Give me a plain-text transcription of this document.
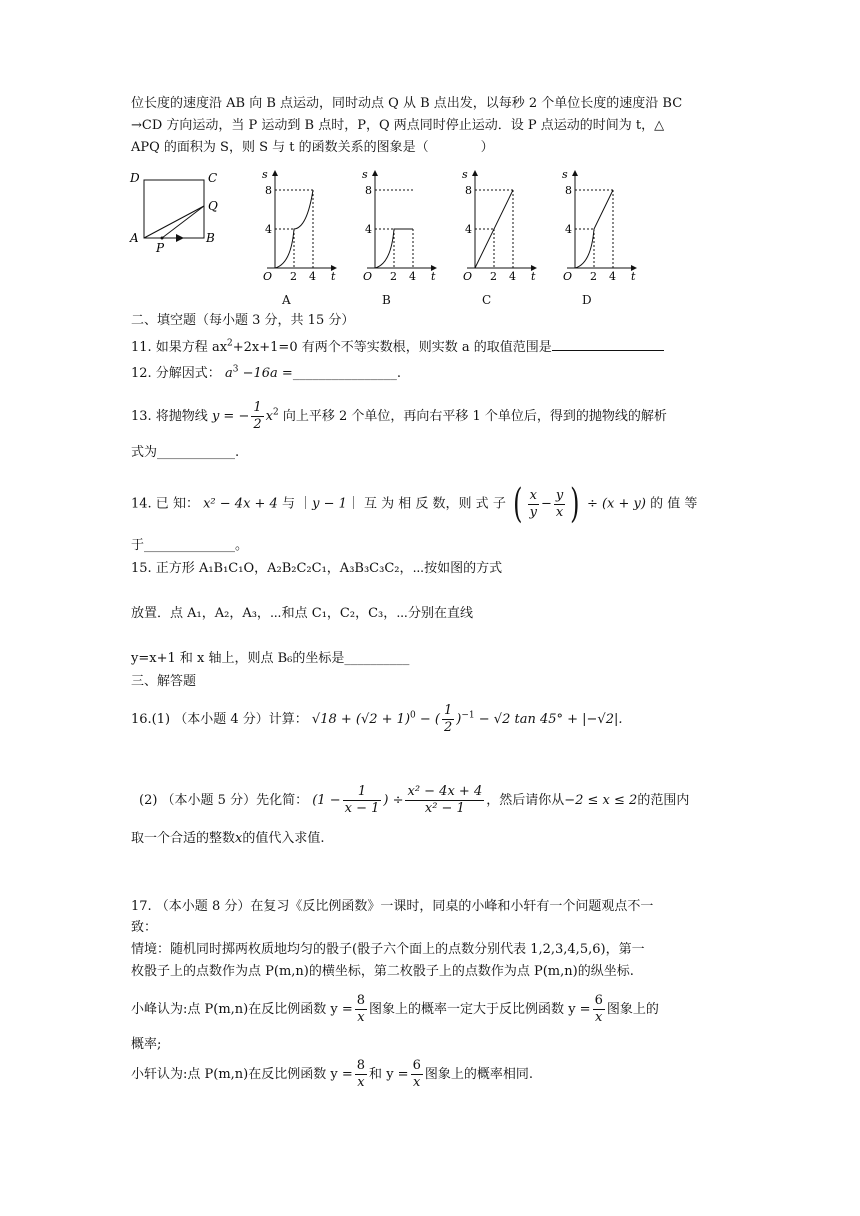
位长度的速度沿 AB 向 B 点运动，同时动点 Q 从 B 点出发，以每秒 2 个单位长度的速度沿 BC
→CD 方向运动，当 P 运动到 B 点时，P，Q 两点同时停止运动．设 P 点运动的时间为 t，△
APQ 的面积为 S，则 S 与 t 的函数关系的图象是（　　　　）
D	C
Q
A
P
B
s
8
4
O 2 4 t
A
s
8
4
O 2 4 t
B
s
8
4
O 2 4 t
C
s
8
4
O 2 4 t
D
二、填空题（每小题 3 分，共 15 分）
11. 如果方程 $ax^2+2x+1=0$ 有两个不等实数根，则实数 a 的取值范围是
12. 分解因式： $a^3 -16a$ =________________.
13. 将抛物线 y = − $\frac{1}{2} x^2$ 向上平移 2 个单位，再向右平移 1 个单位后，得到的抛物线的解析
式为____________.
14. 已 知： x² − 4x + 4 与 ｜y − 1｜ 互 为 相 反 数，则 式 子 ( $\frac{x}{y} - \frac{y}{x}$ ) ÷ (x + y) 的 值 等
于______________。
15. 正方形 A₁B₁C₁O，A₂B₂C₂C₁，A₃B₃C₃C₂，⋯按如图的方式
放置．点 A₁，A₂，A₃，⋯和点 C₁，C₂，C₃，⋯分别在直线
y=x+1 和 x 轴上，则点 B₆的坐标是__________
三、解答题
16.(1) （本小题 4 分）计算： $√18 + (√2 + 1)^0$ − ( $\frac{1}{2} )^{-1} - √2$ tan 45° + |−√2|.
(2) （本小题 5 分）先化简： ($1 - \frac{1}{x - 1}$ ) ÷ $\frac{\text{x² − 4x + 4}}{\text{x² − 1}}$ ，然后请你从−2 ≤ x ≤ 2的范围内
取一个合适的整数x的值代入求值.
17. （本小题 8 分）在复习《反比例函数》一课时，同桌的小峰和小轩有一个问题观点不一
致：
情境：随机同时掷两枚质地均匀的骰子(骰子六个面上的点数分别代表 1,2,3,4,5,6)，第一
枚骰子上的点数作为点 P(m,n)的横坐标，第二枚骰子上的点数作为点 P(m,n)的纵坐标.
小峰认为:点 P(m,n)在反比例函数 $y = \frac{8}{x}$ 图象上的概率一定大于反比例函数 $y = \frac{6}{x}$ 图象上的
概率;
小轩认为:点 P(m,n)在反比例函数 $y = \frac{8}{x}$ 和 $y = \frac{6}{x}$ 图象上的概率相同.
